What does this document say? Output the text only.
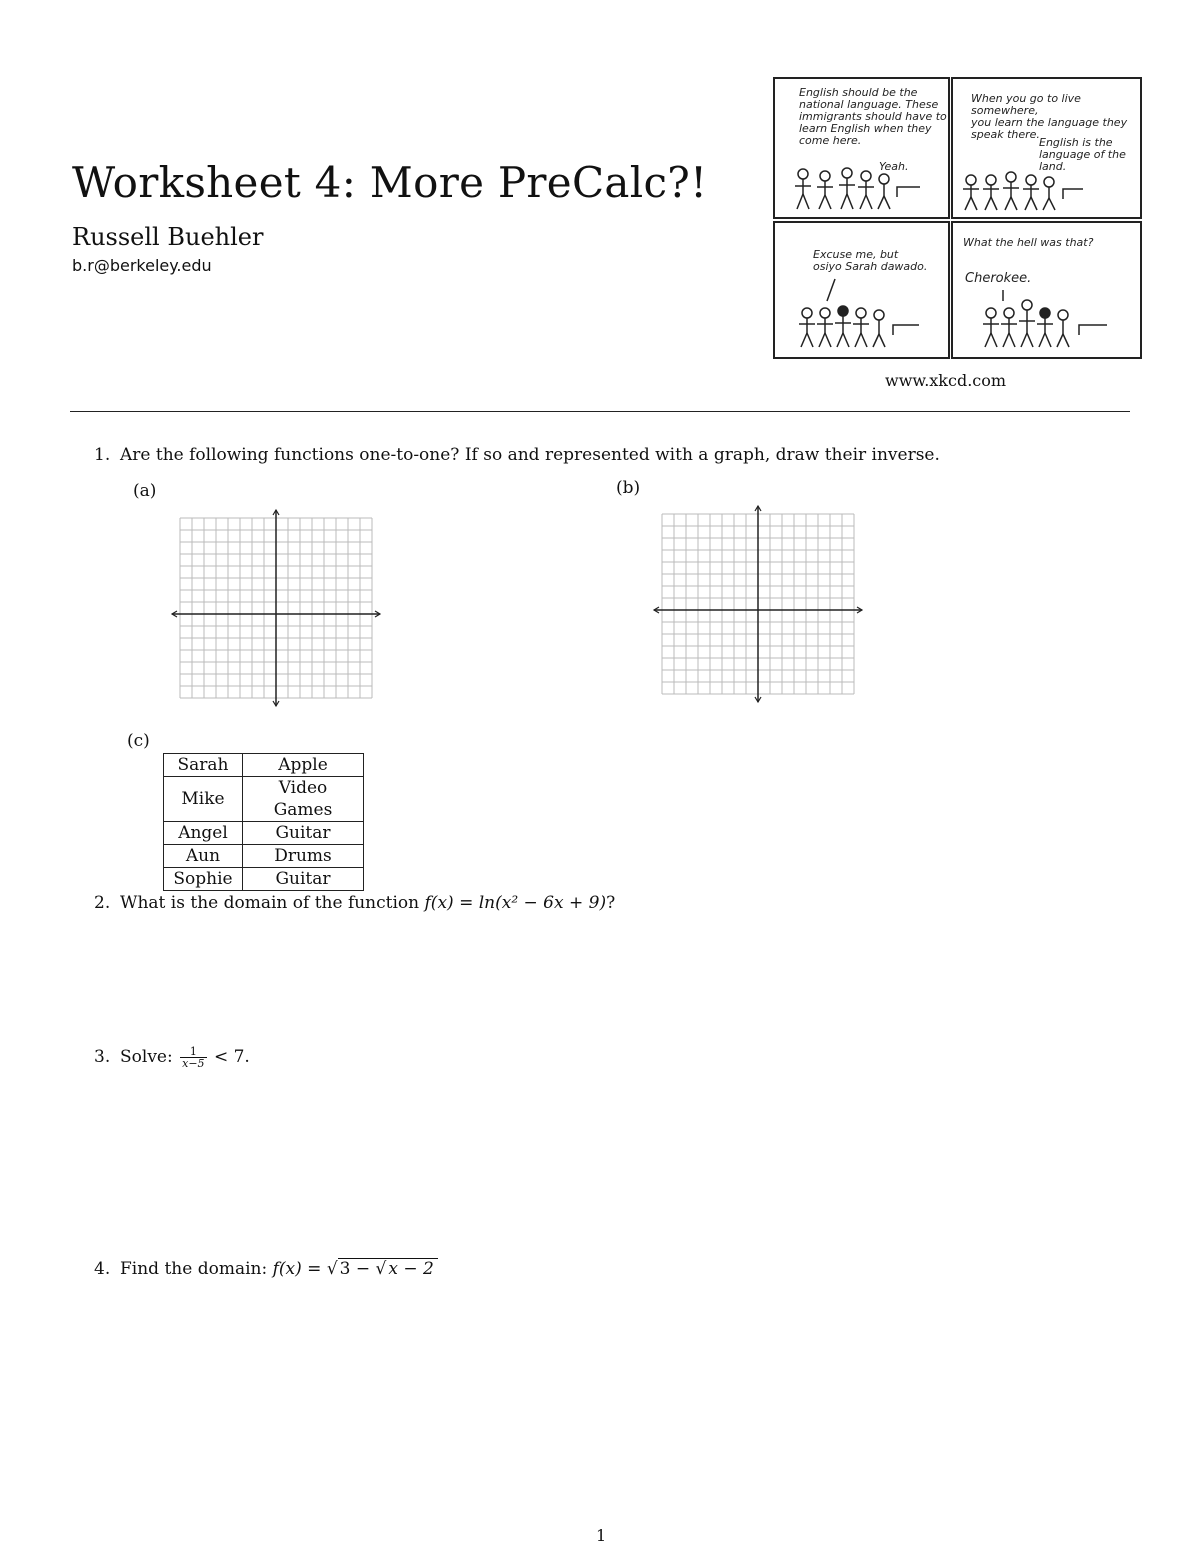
Worksheet 4: More PreCalc?!
Russell Buehler
b.r@berkeley.edu
English should be the
national language. These
immigrants should have to
learn English when they
come here.
Yeah.
When you go to live somewhere,
you learn the language they
speak there.
English is the
language of the
land.
Excuse me, but
osiyo Sarah dawado.
What the hell was that?
Cherokee.
www.xkcd.com
1. Are the following functions one-to-one? If so and represented with a graph, draw their inverse.
(a)	(b)
(c)
Sarah	Apple
Mike	Video Games
Angel	Guitar
Aun	Drums
Sophie	Guitar
2. What is the domain of the function f(x) = ln(x² − 6x + 9)?
3. Solve: $\frac{1}{x-5} < 7$.
4. Find the domain: f(x) = √ 3 − √ x − 2
1
